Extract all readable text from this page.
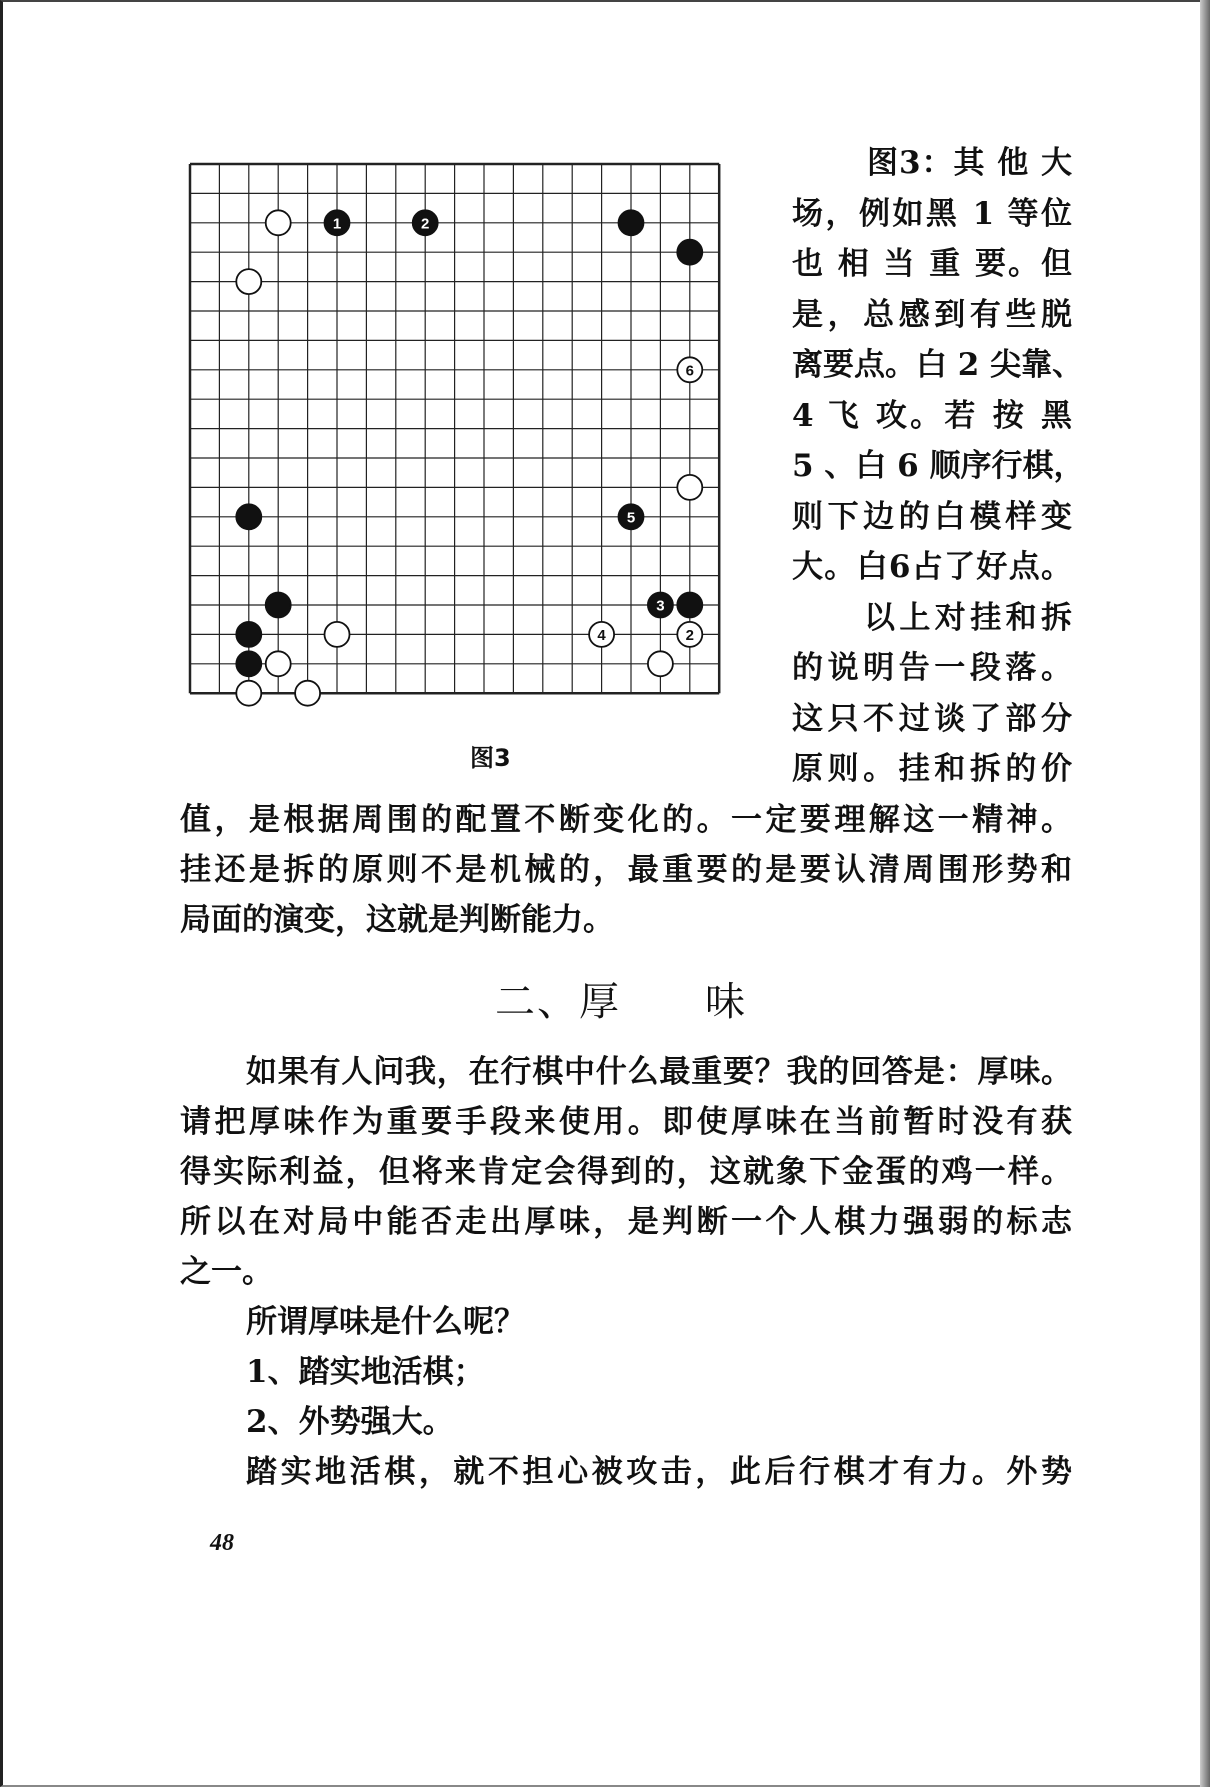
1	2
5
3
6
4	2
图3
图3：其 他 大
场，例如黑 1 等位
也 相 当 重 要。但
是，总感到有些脱
离要点。白 2 尖靠、
4 飞 攻。若 按 黑
5 、白 6 顺序行棋，
则下边的白模样变
大。白6占了好点。
以上对挂和拆
的说明告一段落。
这只不过谈了部分
原则。挂和拆的价
值，是根据周围的配置不断变化的。一定要理解这一精神。
挂还是拆的原则不是机械的，最重要的是要认清周围形势和
局面的演变，这就是判断能力。
二、厚　　味
如果有人问我，在行棋中什么最重要？我的回答是：厚味。
请把厚味作为重要手段来使用。即使厚味在当前暂时没有获
得实际利益，但将来肯定会得到的，这就象下金蛋的鸡一样。
所以在对局中能否走出厚味，是判断一个人棋力强弱的标志
之一。
所谓厚味是什么呢？
1、踏实地活棋；
2、外势强大。
踏实地活棋，就不担心被攻击，此后行棋才有力。外势
48
